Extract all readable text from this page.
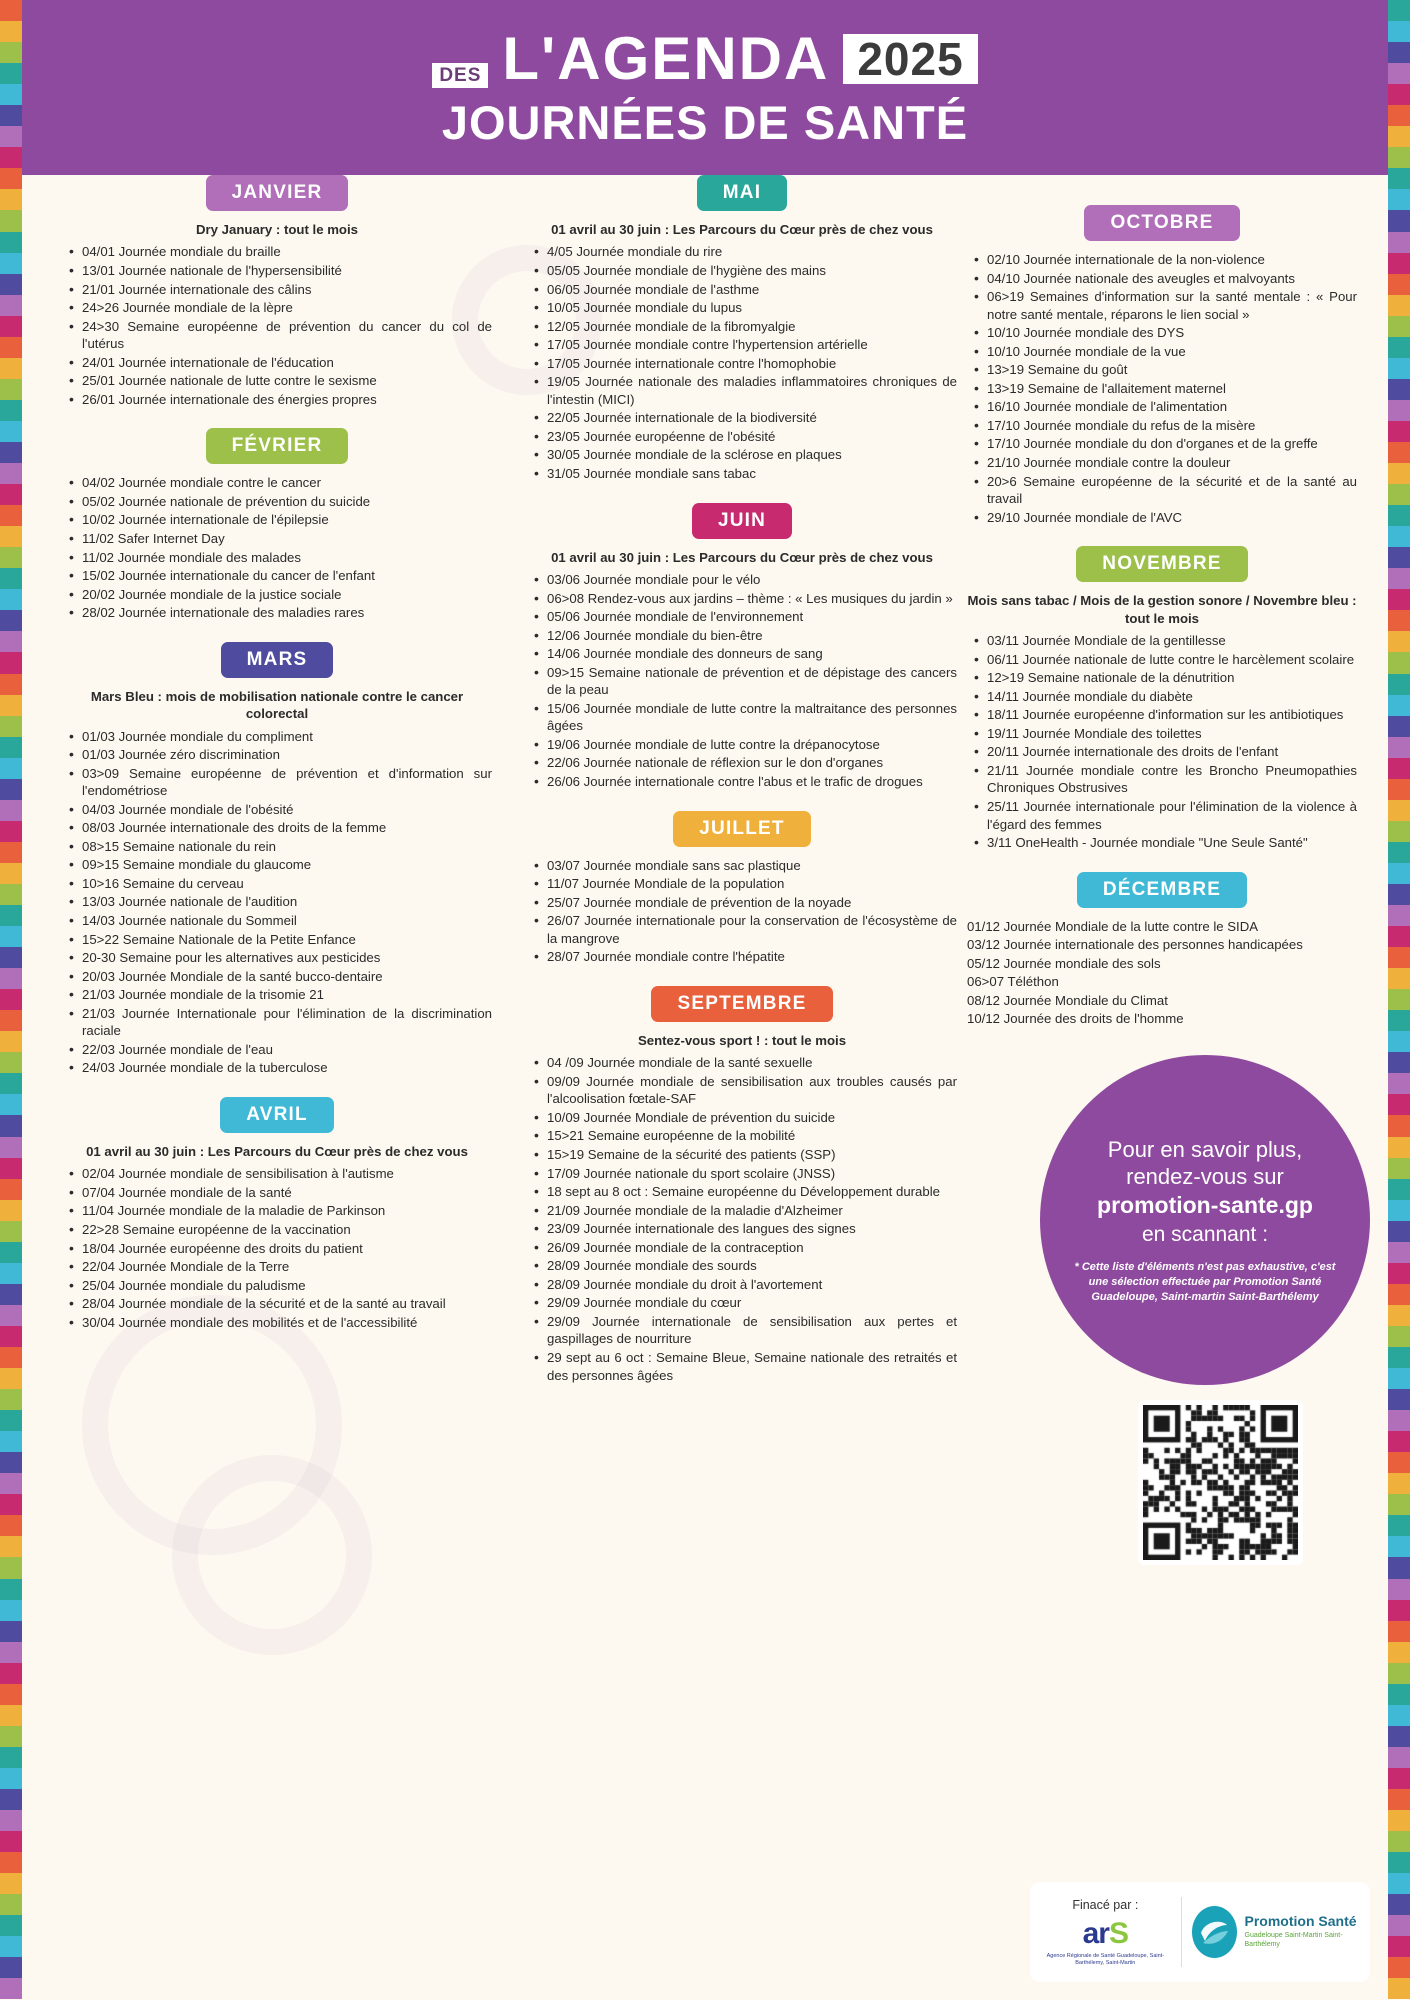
DES L'AGENDA 2025
JOURNÉES DE SANTÉ
JANVIER
Dry January : tout le mois
• 04/01 Journée mondiale du braille
• 13/01 Journée nationale de l'hypersensibilité
• 21/01 Journée internationale des câlins
• 24>26 Journée mondiale de la lèpre
• 24>30 Semaine européenne de prévention du cancer du col de l'utérus
• 24/01 Journée internationale de l'éducation
• 25/01 Journée nationale de lutte contre le sexisme
• 26/01 Journée internationale des énergies propres
FÉVRIER
• 04/02 Journée mondiale contre le cancer
• 05/02 Journée nationale de prévention du suicide
• 10/02 Journée internationale de l'épilepsie
• 11/02 Safer Internet Day
• 11/02 Journée mondiale des malades
• 15/02 Journée internationale du cancer de l'enfant
• 20/02 Journée mondiale de la justice sociale
• 28/02 Journée internationale des maladies rares
MARS
Mars Bleu : mois de mobilisation nationale contre le cancer colorectal
• 01/03 Journée mondiale du compliment
• 01/03 Journée zéro discrimination
• 03>09 Semaine européenne de prévention et d'information sur l'endométriose
• 04/03 Journée mondiale de l'obésité
• 08/03 Journée internationale des droits de la femme
• 08>15 Semaine nationale du rein
• 09>15 Semaine mondiale du glaucome
• 10>16 Semaine du cerveau
• 13/03 Journée nationale de l'audition
• 14/03 Journée nationale du Sommeil
• 15>22 Semaine Nationale de la Petite Enfance
• 20-30 Semaine pour les alternatives aux pesticides
• 20/03 Journée Mondiale de la santé bucco-dentaire
• 21/03 Journée mondiale de la trisomie 21
• 21/03 Journée Internationale pour l'élimination de la discrimination raciale
• 22/03 Journée mondiale de l'eau
• 24/03 Journée mondiale de la tuberculose
AVRIL
01 avril au 30 juin : Les Parcours du Cœur près de chez vous
• 02/04 Journée mondiale de sensibilisation à l'autisme
• 07/04 Journée mondiale de la santé
• 11/04 Journée mondiale de la maladie de Parkinson
• 22>28 Semaine européenne de la vaccination
• 18/04 Journée européenne des droits du patient
• 22/04 Journée Mondiale de la Terre
• 25/04 Journée mondiale du paludisme
• 28/04 Journée mondiale de la sécurité et de la santé au travail
• 30/04 Journée mondiale des mobilités et de l'accessibilité
MAI
01 avril au 30 juin : Les Parcours du Cœur près de chez vous
• 4/05 Journée mondiale du rire
• 05/05 Journée mondiale de l'hygiène des mains
• 06/05 Journée mondiale de l'asthme
• 10/05 Journée mondiale du lupus
• 12/05 Journée mondiale de la fibromyalgie
• 17/05 Journée mondiale contre l'hypertension artérielle
• 17/05 Journée internationale contre l'homophobie
• 19/05 Journée nationale des maladies inflammatoires chroniques de l'intestin (MICI)
• 22/05 Journée internationale de la biodiversité
• 23/05 Journée européenne de l'obésité
• 30/05 Journée mondiale de la sclérose en plaques
• 31/05 Journée mondiale sans tabac
JUIN
01 avril au 30 juin : Les Parcours du Cœur près de chez vous
• 03/06 Journée mondiale pour le vélo
• 06>08 Rendez-vous aux jardins – thème : « Les musiques du jardin »
• 05/06 Journée mondiale de l'environnement
• 12/06 Journée mondiale du bien-être
• 14/06 Journée mondiale des donneurs de sang
• 09>15 Semaine nationale de prévention et de dépistage des cancers de la peau
• 15/06 Journée mondiale de lutte contre la maltraitance des personnes âgées
• 19/06 Journée mondiale de lutte contre la drépanocytose
• 22/06 Journée nationale de réflexion sur le don d'organes
• 26/06 Journée internationale contre l'abus et le trafic de drogues
JUILLET
• 03/07 Journée mondiale sans sac plastique
• 11/07 Journée Mondiale de la population
• 25/07 Journée mondiale de prévention de la noyade
• 26/07 Journée internationale pour la conservation de l'écosystème de la mangrove
• 28/07 Journée mondiale contre l'hépatite
SEPTEMBRE
Sentez-vous sport ! : tout le mois
• 04 /09 Journée mondiale de la santé sexuelle
• 09/09 Journée mondiale de sensibilisation aux troubles causés par l'alcoolisation fœtale-SAF
• 10/09 Journée Mondiale de prévention du suicide
• 15>21 Semaine européenne de la mobilité
• 15>19 Semaine de la sécurité des patients (SSP)
• 17/09 Journée nationale du sport scolaire (JNSS)
• 18 sept au 8 oct : Semaine européenne du Développement durable
• 21/09 Journée mondiale de la maladie d'Alzheimer
• 23/09 Journée internationale des langues des signes
• 26/09 Journée mondiale de la contraception
• 28/09 Journée mondiale des sourds
• 28/09 Journée mondiale du droit à l'avortement
• 29/09 Journée mondiale du cœur
• 29/09 Journée internationale de sensibilisation aux pertes et gaspillages de nourriture
• 29 sept au 6 oct : Semaine Bleue, Semaine nationale des retraités et des personnes âgées
OCTOBRE
• 02/10 Journée internationale de la non-violence
• 04/10 Journée nationale des aveugles et malvoyants
• 06>19 Semaines d'information sur la santé mentale : « Pour notre santé mentale, réparons le lien social »
• 10/10 Journée mondiale des DYS
• 10/10 Journée mondiale de la vue
• 13>19 Semaine du goût
• 13>19 Semaine de l'allaitement maternel
• 16/10 Journée mondiale de l'alimentation
• 17/10 Journée mondiale du refus de la misère
• 17/10 Journée mondiale du don d'organes et de la greffe
• 21/10 Journée mondiale contre la douleur
• 20>6 Semaine européenne de la sécurité et de la santé au travail
• 29/10 Journée mondiale de l'AVC
NOVEMBRE
Mois sans tabac / Mois de la gestion sonore / Novembre bleu : tout le mois
• 03/11 Journée Mondiale de la gentillesse
• 06/11 Journée nationale de lutte contre le harcèlement scolaire
• 12>19 Semaine nationale de la dénutrition
• 14/11 Journée mondiale du diabète
• 18/11 Journée européenne d'information sur les antibiotiques
• 19/11 Journée Mondiale des toilettes
• 20/11 Journée internationale des droits de l'enfant
• 21/11 Journée mondiale contre les Broncho Pneumopathies Chroniques Obstrusives
• 25/11 Journée internationale pour l'élimination de la violence à l'égard des femmes
• 3/11 OneHealth - Journée mondiale "Une Seule Santé"
DÉCEMBRE
01/12 Journée Mondiale de la lutte contre le SIDA
03/12 Journée internationale des personnes handicapées
05/12 Journée mondiale des sols
06>07 Téléthon
08/12 Journée Mondiale du Climat
10/12 Journée des droits de l'homme
Pour en savoir plus,
rendez-vous sur
promotion-sante.gp
en scannant :
* Cette liste d'éléments n'est pas exhaustive, c'est une sélection effectuée par Promotion Santé Guadeloupe, Saint-martin Saint-Barthélemy
Finacé par :
arS
Agence Régionale de Santé Guadeloupe, Saint-Barthélemy, Saint-Martin
Promotion Santé
Guadeloupe Saint-Martin Saint-Barthélemy
